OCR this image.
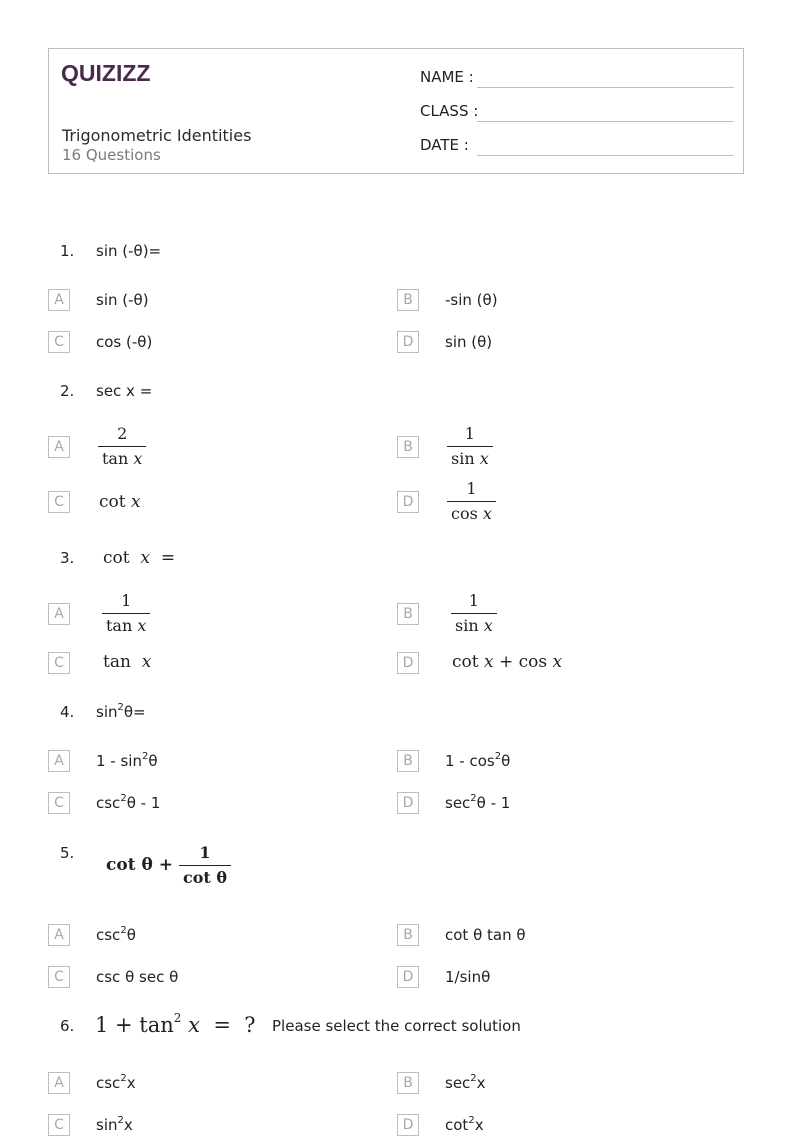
QUIZIZZ
Trigonometric Identities
16 Questions
NAME :
CLASS :
DATE :
1. sin (-θ)=
A	sin (-θ)	B	-sin (θ)
C	cos (-θ)	D	sin (θ)
2. sec x =
A	$\frac{2}{\text{tan x}}$	B	$\frac{1}{\text{sin x}}$
C	cot x	D	$\frac{1}{\text{cos x}}$
3. cot x =
A	$\frac{1}{\text{tan x}}$	B	$\frac{1}{\text{sin x}}$
C	tan x	D	cot x + cos x
4. $\sin^2\theta=$
A	$1 - \sin^2\theta$	B	$1 - \cos^2\theta$
C	$\csc^2\theta - 1$	D	$\sec^2\theta - 1$
5.
$\cot \theta + \frac{1}{\text{cot θ}}$
A	$\csc^2\theta$	B	cot θ tan θ
C	csc θ sec θ	D	1/sinθ
6. $1 + \tan^2 x$ = ? Please select the correct solution
A	$\csc^2x$	B	$\sec^2x$
C	$\sin^2x$	D	$\cot^2x$
